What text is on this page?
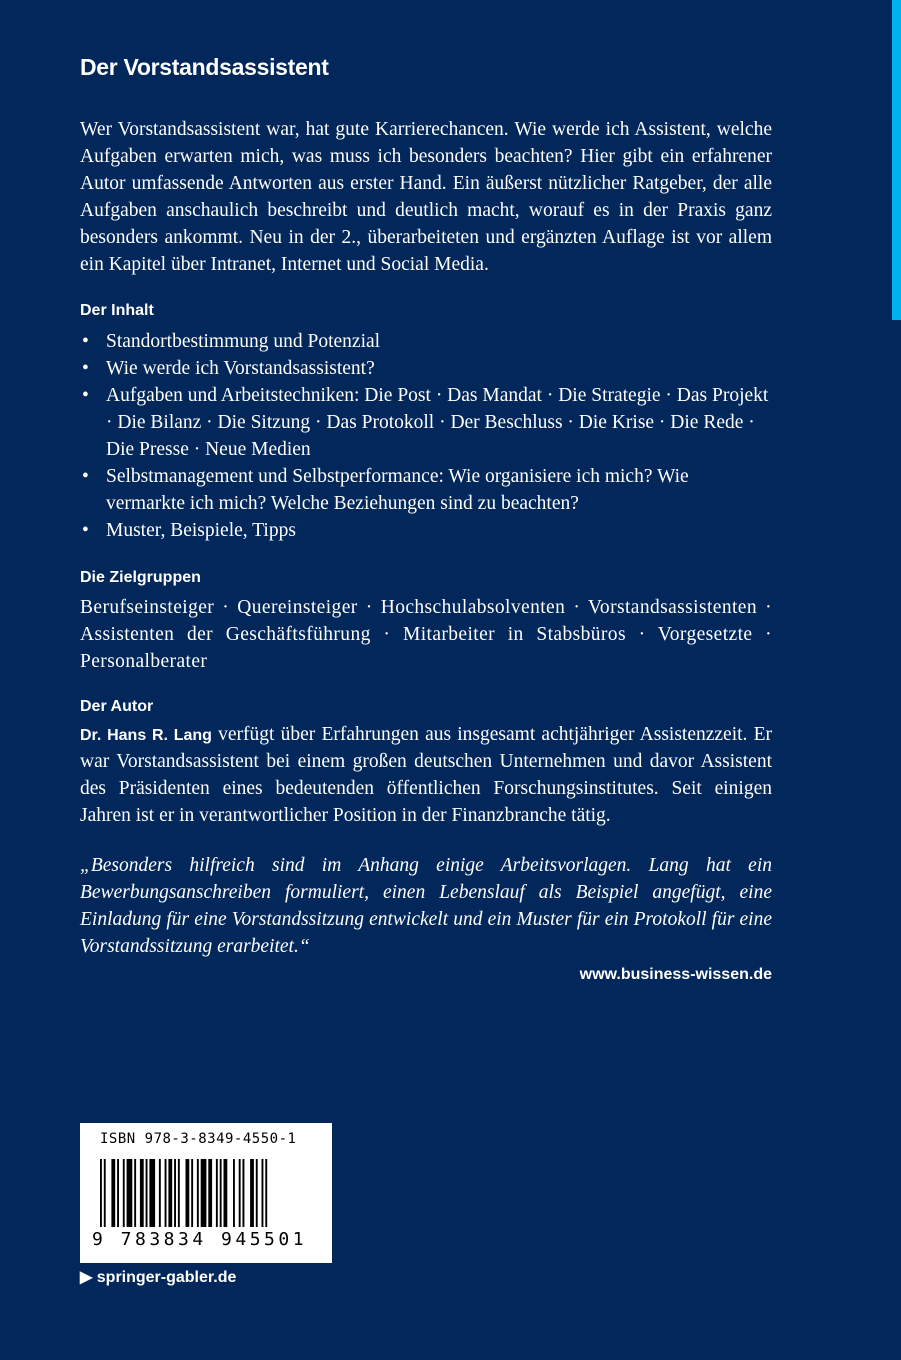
Der Vorstandsassistent

Wer Vorstandsassistent war, hat gute Karrierechancen. Wie werde ich Assistent, welche Aufgaben erwarten mich, was muss ich besonders beachten? Hier gibt ein erfahrener Autor umfassende Antworten aus erster Hand. Ein äußerst nützlicher Ratgeber, der alle Aufgaben anschaulich beschreibt und deutlich macht, worauf es in der Praxis ganz besonders ankommt. Neu in der 2., überarbeiteten und ergänzten Auflage ist vor allem ein Kapitel über Intranet, Internet und Social Media.

Der Inhalt
• Standortbestimmung und Potenzial
• Wie werde ich Vorstandsassistent?
• Aufgaben und Arbeitstechniken: Die Post · Das Mandat · Die Strategie · Das Projekt · Die Bilanz · Die Sitzung · Das Protokoll · Der Beschluss · Die Krise · Die Rede · Die Presse · Neue Medien
• Selbstmanagement und Selbstperformance: Wie organisiere ich mich? Wie vermarkte ich mich? Welche Beziehungen sind zu beachten?
• Muster, Beispiele, Tipps
Die Zielgruppen

Berufseinsteiger · Quereinsteiger · Hochschulabsolventen · Vorstandsassistenten · Assistenten der Geschäftsführung · Mitarbeiter in Stabsbüros · Vorgesetzte · Personalberater

Der Autor

Dr. Hans R. Lang verfügt über Erfahrungen aus insgesamt achtjähriger Assistenzzeit. Er war Vorstandsassistent bei einem großen deutschen Unternehmen und davor Assistent des Präsidenten eines bedeutenden öffentlichen Forschungsinstitutes. Seit einigen Jahren ist er in verantwortlicher Position in der Finanzbranche tätig.

„Besonders hilfreich sind im Anhang einige Arbeitsvorlagen. Lang hat ein Bewerbungsanschreiben formuliert, einen Lebenslauf als Beispiel angefügt, eine Einladung für eine Vorstandssitzung entwickelt und ein Muster für ein Protokoll für eine Vorstandssitzung erarbeitet.“

www.business-wissen.de
ISBN 978-3-8349-4550-1
9 783834 945501
▶ springer-gabler.de
